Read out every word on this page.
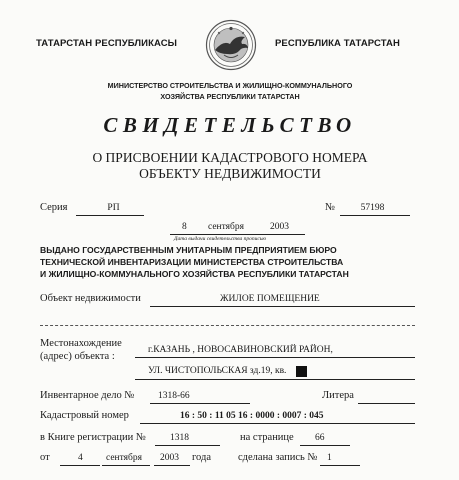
ТАТАРСТАН РЕСПУБЛИКАСЫ	РЕСПУБЛИКА ТАТАРСТАН
МИНИСТЕРСТВО СТРОИТЕЛЬСТВА И ЖИЛИЩНО-КОММУНАЛЬНОГО
ХОЗЯЙСТВА РЕСПУБЛИКИ ТАТАРСТАН
СВИДЕТЕЛЬСТВО
О ПРИСВОЕНИИ КАДАСТРОВОГО НОМЕРА
ОБЪЕКТУ НЕДВИЖИМОСТИ
Серия	РП	№	57198
8 сентября	2003
Дата выдачи свидетельства прописью
ВЫДАНО ГОСУДАРСТВЕННЫМ УНИТАРНЫМ ПРЕДПРИЯТИЕМ БЮРО
ТЕХНИЧЕСКОЙ ИНВЕНТАРИЗАЦИИ МИНИСТЕРСТВА СТРОИТЕЛЬСТВА
И ЖИЛИЩНО-КОММУНАЛЬНОГО ХОЗЯЙСТВА РЕСПУБЛИКИ ТАТАРСТАН
Объект недвижимости	ЖИЛОЕ ПОМЕЩЕНИЕ
Местонахождение
(адрес) объекта :
г.КАЗАНЬ , НОВОСАВИНОВСКИЙ РАЙОН,
УЛ. ЧИСТОПОЛЬСКАЯ зд.19, кв.
Инвентарное дело № 1318-66	Литера
Кадастровый номер	16 : 50 : 11 05 16 : 0000 : 0007 : 045
в Книге регистрации №	1318	на странице 66
от	4 сентября 2003 года	сделана запись № 1
